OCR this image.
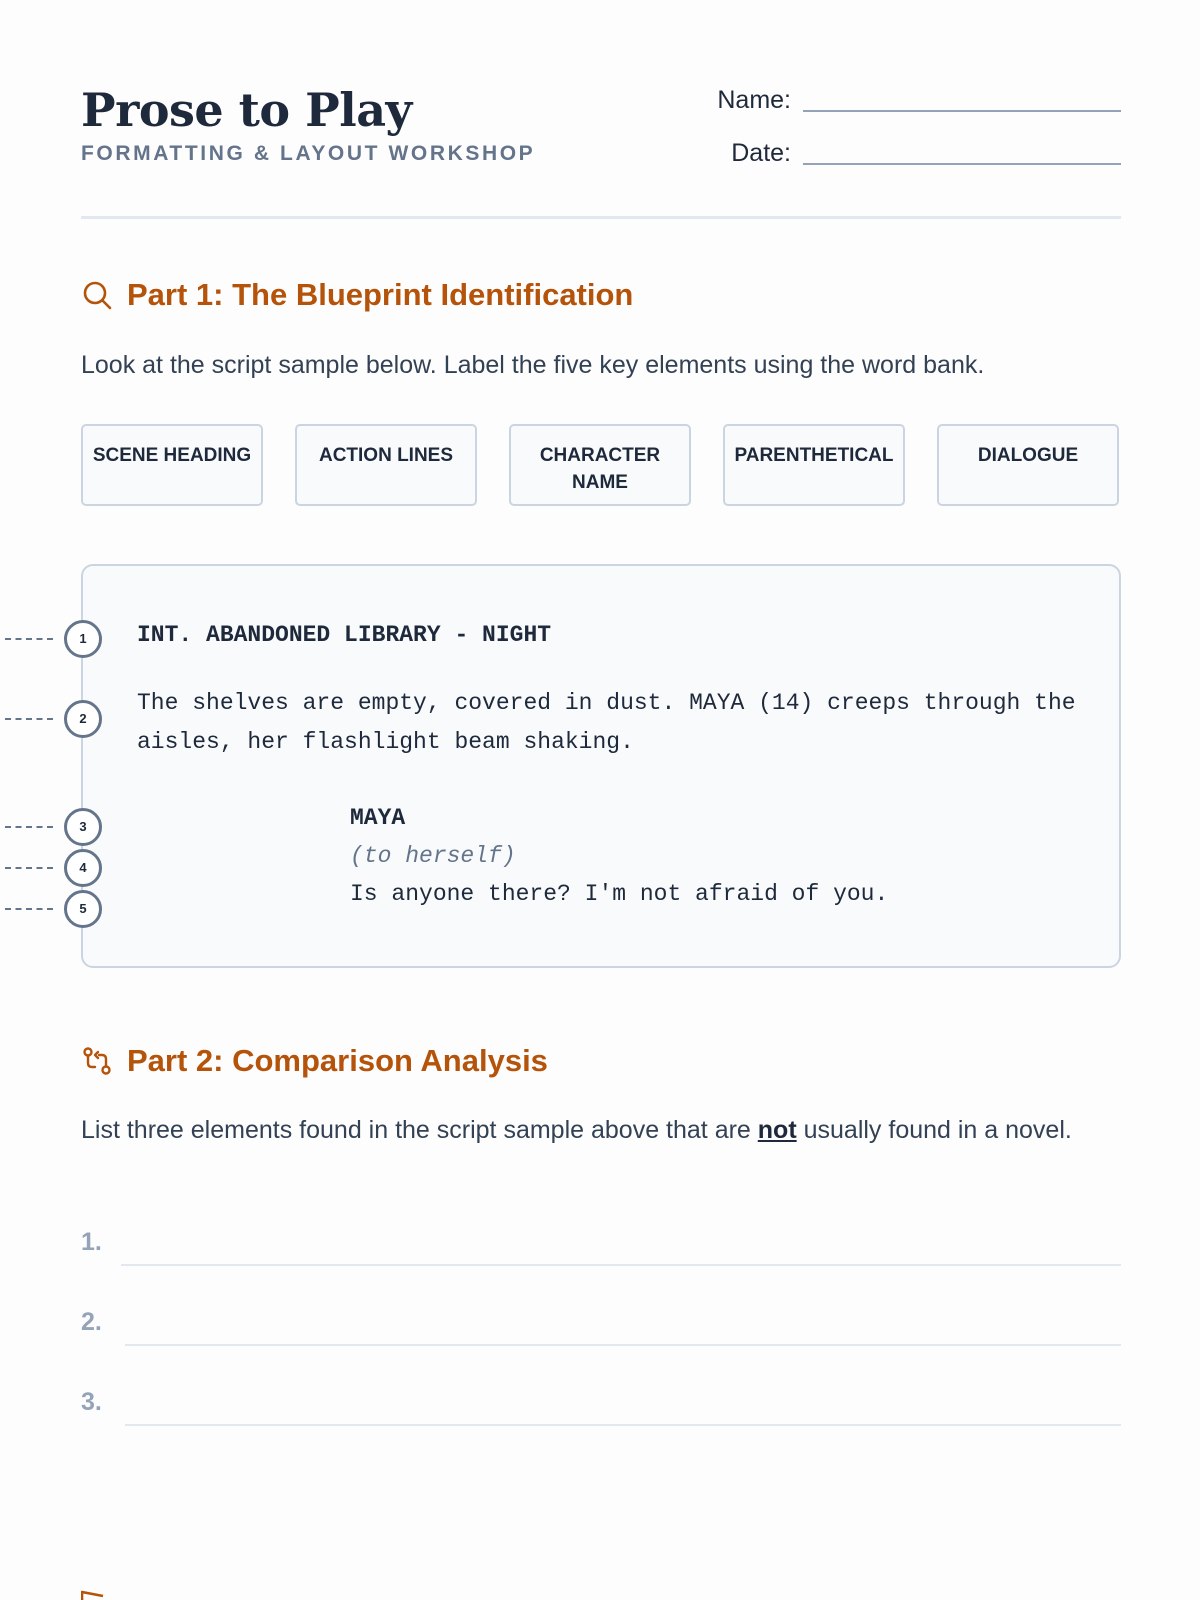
Prose to Play
FORMATTING & LAYOUT WORKSHOP
Name:
Date:
Part 1: The Blueprint Identification

Look at the script sample below. Label the five key elements using the word bank.

SCENE HEADING	ACTION LINES	CHARACTER NAME
PARENTHETICAL	DIALOGUE
INT. ABANDONED LIBRARY - NIGHT
The shelves are empty, covered in dust. MAYA (14) creeps through the aisles, her flashlight beam shaking.
MAYA
(to herself)
Is anyone there? I'm not afraid of you.
1
2
3
4
5
Part 2: Comparison Analysis

List three elements found in the script sample above that are not usually found in a novel.

1.
2.
3.
